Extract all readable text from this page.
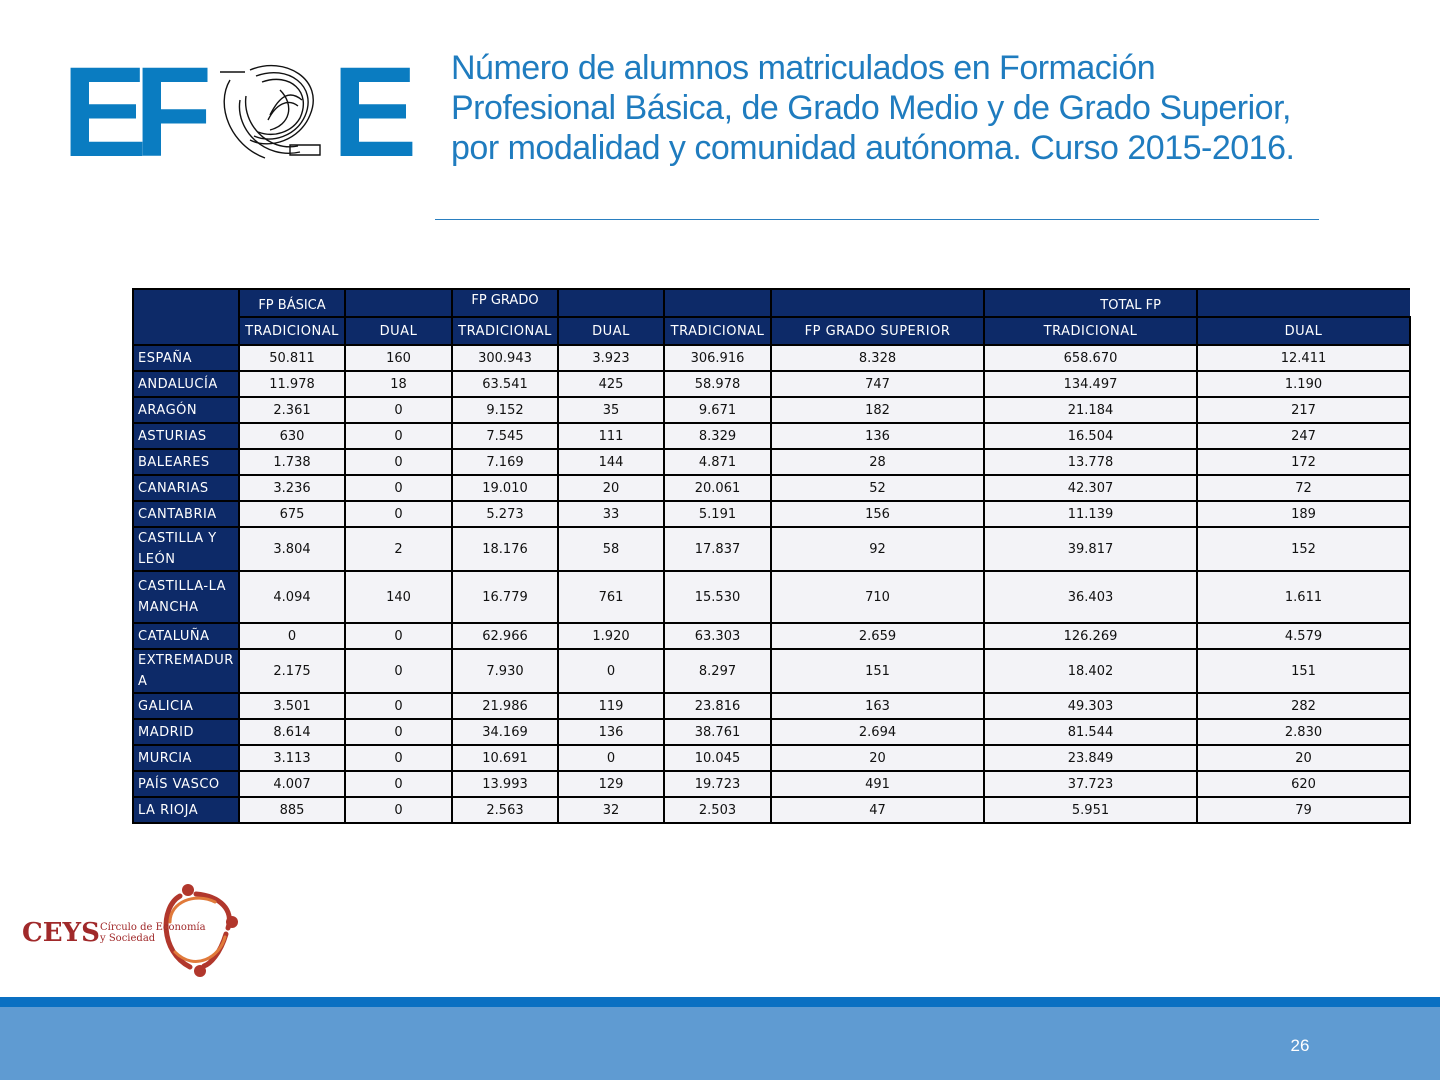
E
F E Número de alumnos matriculados en Formación Profesional Básica, de Grado Medio y de Grado Superior, por modalidad y comunidad autónoma. Curso 2015-2016.
	FP BÁSICA		FP GRADO				TOTAL FP	
	TRADICIONAL	DUAL	TRADICIONAL	DUAL	TRADICIONAL	FP GRADO SUPERIOR	TRADICIONAL	DUAL
ESPAÑA	50.811	160	300.943	3.923	306.916	8.328	658.670	12.411
ANDALUCÍA	11.978	18	63.541	425	58.978	747	134.497	1.190
ARAGÓN	2.361	0	9.152	35	9.671	182	21.184	217
ASTURIAS	630	0	7.545	111	8.329	136	16.504	247
BALEARES	1.738	0	7.169	144	4.871	28	13.778	172
CANARIAS	3.236	0	19.010	20	20.061	52	42.307	72
CANTABRIA	675	0	5.273	33	5.191	156	11.139	189
CASTILLA Y LEÓN	3.804	2	18.176	58	17.837	92	39.817	152
CASTILLA-LA MANCHA	4.094	140	16.779	761	15.530	710	36.403	1.611
CATALUÑA	0	0	62.966	1.920	63.303	2.659	126.269	4.579
EXTREMADURA	2.175	0	7.930	0	8.297	151	18.402	151
GALICIA	3.501	0	21.986	119	23.816	163	49.303	282
MADRID	8.614	0	34.169	136	38.761	2.694	81.544	2.830
MURCIA	3.113	0	10.691	0	10.045	20	23.849	20
PAÍS VASCO	4.007	0	13.993	129	19.723	491	37.723	620
LA RIOJA	885	0	2.563	32	2.503	47	5.951	79
CEYS Círculo de Economía
y Sociedad
26
